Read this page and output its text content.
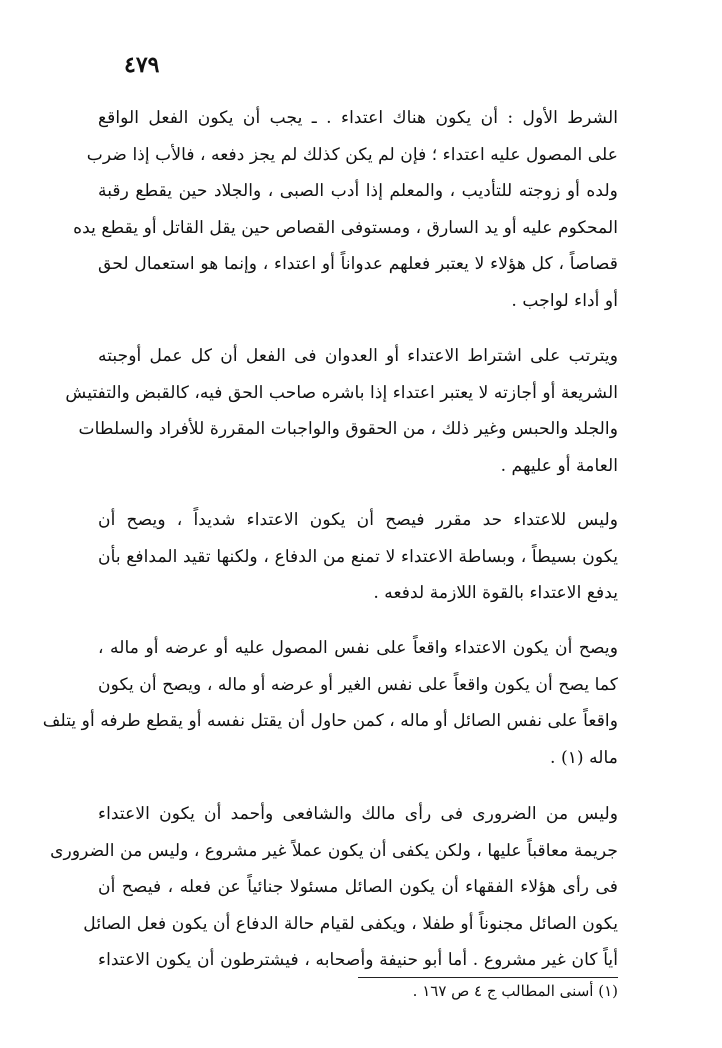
٤٧٩
الشرط الأول : أن يكون هناك اعتداء . ـ يجب أن يكون الفعل الواقع
على المصول عليه اعتداء ؛ فإن لم يكن كذلك لم يجز دفعه ، فالأب إذا ضرب
ولده أو زوجته للتأديب ، والمعلم إذا أدب الصبى ، والجلاد حين يقطع رقبة
المحكوم عليه أو يد السارق ، ومستوفى القصاص حين يقل القاتل أو يقطع يده
قصاصاً ، كل هؤلاء لا يعتبر فعلهم عدواناً أو اعتداء ، وإنما هو استعمال لحق
أو أداء لواجب .
ويترتب على اشتراط الاعتداء أو العدوان فى الفعل أن كل عمل أوجبته
الشريعة أو أجازته لا يعتبر اعتداء إذا باشره صاحب الحق فيه، كالقبض والتفتيش
والجلد والحبس وغير ذلك ، من الحقوق والواجبات المقررة للأفراد والسلطات
العامة أو عليهم .
وليس للاعتداء حد مقرر فيصح أن يكون الاعتداء شديداً ، ويصح أن
يكون بسيطاً ، وبساطة الاعتداء لا تمنع من الدفاع ، ولكنها تقيد المدافع بأن
يدفع الاعتداء بالقوة اللازمة لدفعه .
ويصح أن يكون الاعتداء واقعاً على نفس المصول عليه أو عرضه أو ماله ،
كما يصح أن يكون واقعاً على نفس الغير أو عرضه أو ماله ، ويصح أن يكون
واقعاً على نفس الصائل أو ماله ، كمن حاول أن يقتل نفسه أو يقطع طرفه أو يتلف
ماله (١) .
وليس من الضرورى فى رأى مالك والشافعى وأحمد أن يكون الاعتداء
جريمة معاقباً عليها ، ولكن يكفى أن يكون عملاً غير مشروع ، وليس من الضرورى
فى رأى هؤلاء الفقهاء أن يكون الصائل مسئولا جنائياً عن فعله ، فيصح أن
يكون الصائل مجنوناً أو طفلا ، ويكفى لقيام حالة الدفاع أن يكون فعل الصائل
أياً كان غير مشروع . أما أبو حنيفة وأصحابه ، فيشترطون أن يكون الاعتداء
(١) أسنى المطالب ج ٤ ص ١٦٧ .
